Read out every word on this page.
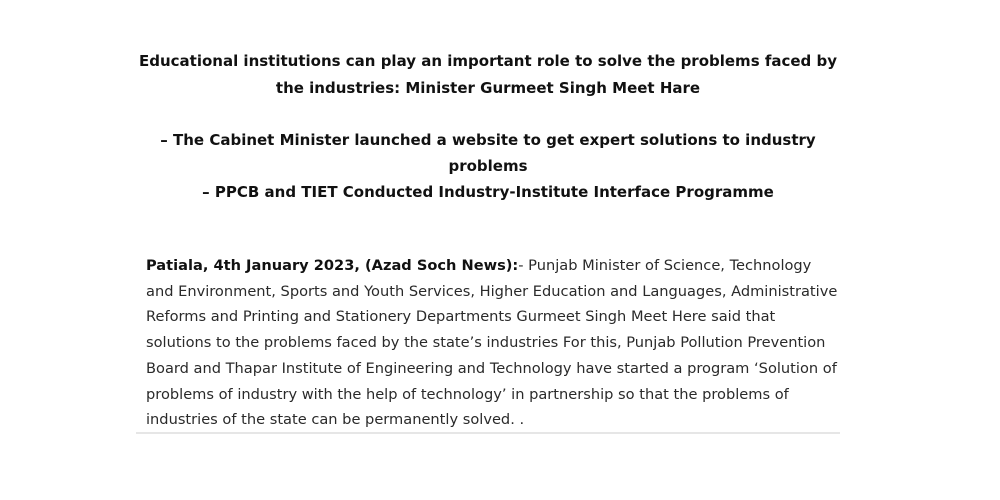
Educational institutions can play an important role to solve the problems faced by the industries: Minister Gurmeet Singh Meet Hare

– The Cabinet Minister launched a website to get expert solutions to industry problems

– PPCB and TIET Conducted Industry-Institute Interface Programme

Patiala, 4th January 2023, (Azad Soch News):- Punjab Minister of Science, Technology and Environment, Sports and Youth Services, Higher Education and Languages, Administrative Reforms and Printing and Stationery Departments Gurmeet Singh Meet Here said that solutions to the problems faced by the state’s industries For this, Punjab Pollution Prevention Board and Thapar Institute of Engineering and Technology have started a program ‘Solution of problems of industry with the help of technology’ in partnership so that the problems of industries of the state can be permanently solved. .
